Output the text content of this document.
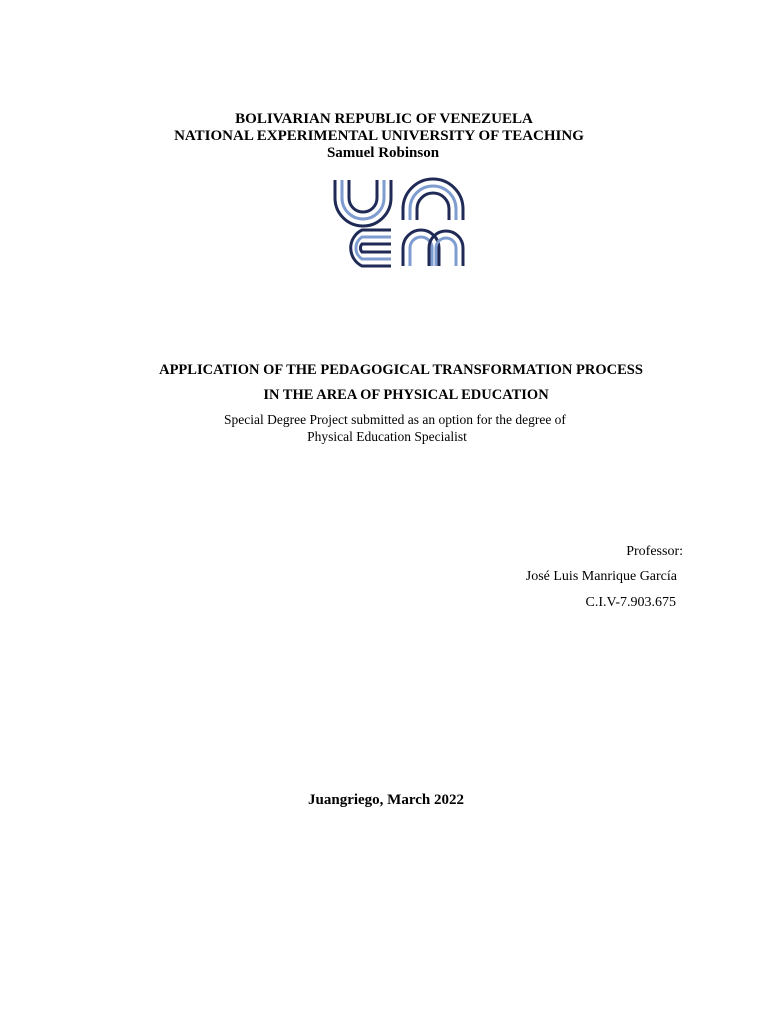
BOLIVARIAN REPUBLIC OF VENEZUELA
NATIONAL EXPERIMENTAL UNIVERSITY OF TEACHING
Samuel Robinson
APPLICATION OF THE PEDAGOGICAL TRANSFORMATION PROCESS
IN THE AREA OF PHYSICAL EDUCATION
Special Degree Project submitted as an option for the degree of
Physical Education Specialist
Professor:
José Luis Manrique García
C.I.V-7.903.675
Juangriego, March 2022
